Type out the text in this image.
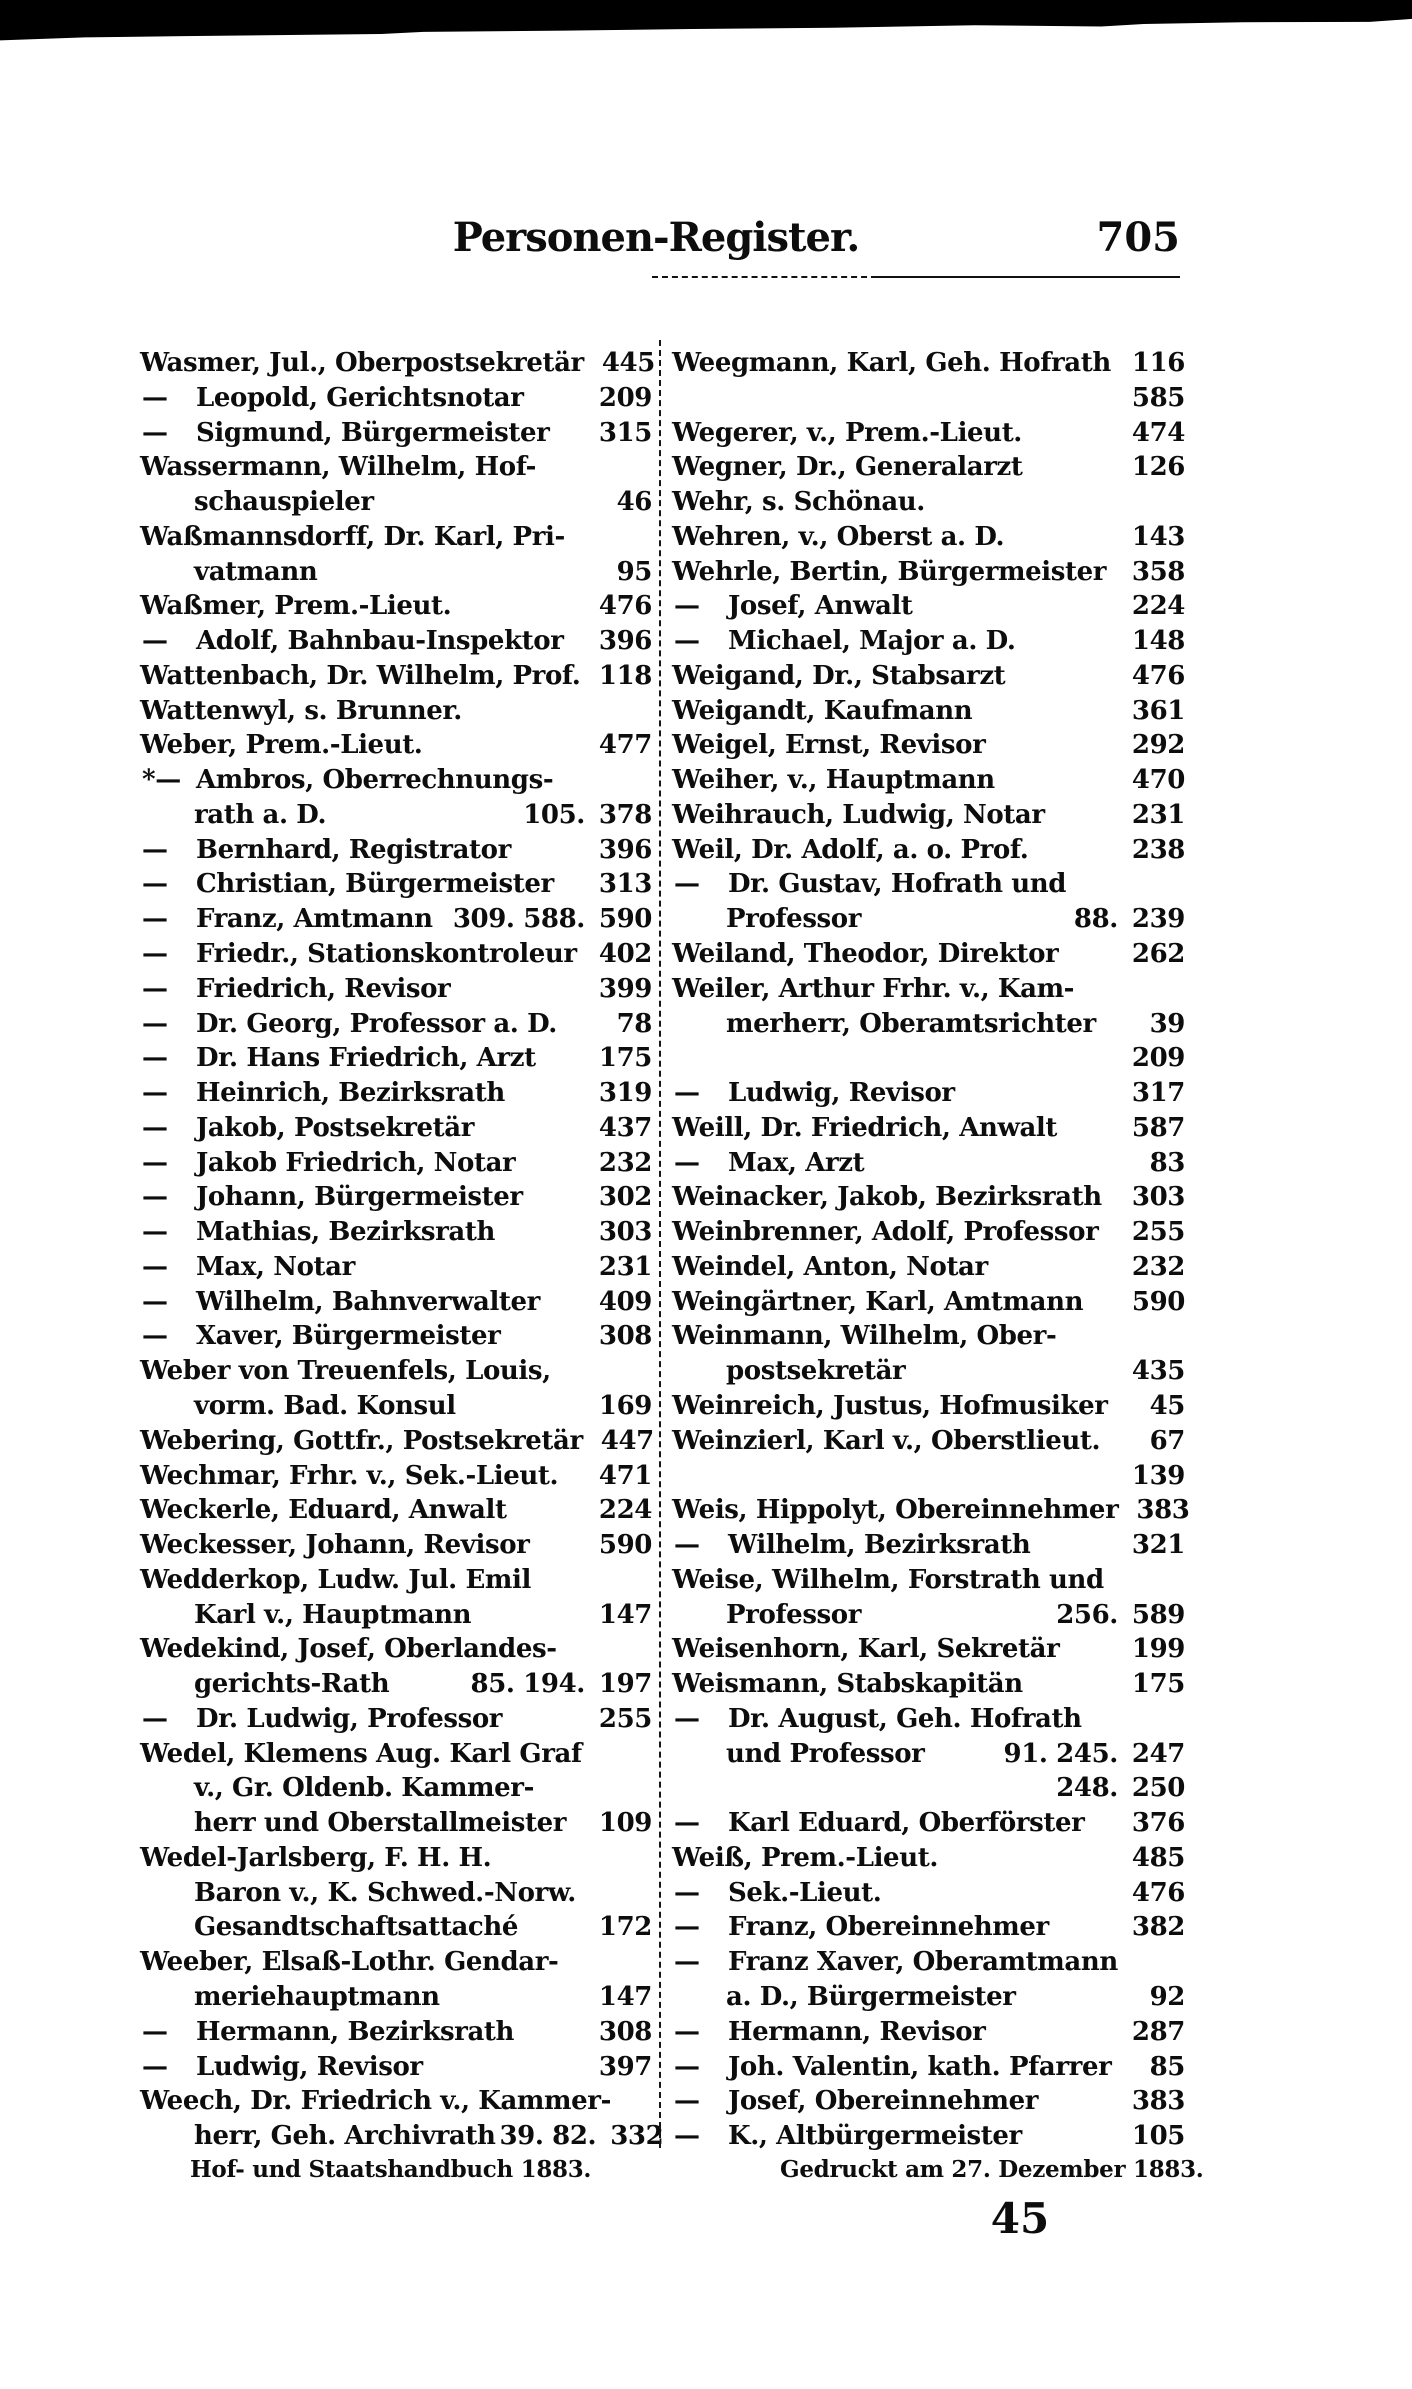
Personen-Register.	705
Wasmer, Jul., Oberpostsekretär 445
—	Leopold, Gerichtsnotar	209
—	Sigmund, Bürgermeister 315
Wassermann, Wilhelm, Hof-
schauspieler	46
Waßmannsdorff, Dr. Karl, Pri-
vatmann	95
Waßmer, Prem.-Lieut.	476
—	Adolf, Bahnbau-Inspektor 396
Wattenbach, Dr. Wilhelm, Prof. 118
Wattenwyl, s. Brunner.
Weber, Prem.-Lieut.	477
*— Ambros, Oberrechnungs-
rath a. D.	105. 378
—	Bernhard, Registrator	396
—	Christian, Bürgermeister 313
—	Franz, Amtmann 309. 588. 590
—	Friedr., Stationskontroleur 402
—	Friedrich, Revisor	399
—	Dr. Georg, Professor a. D. 78
—	Dr. Hans Friedrich, Arzt 175
—	Heinrich, Bezirksrath	319
—	Jakob, Postsekretär	437
—	Jakob Friedrich, Notar	232
—	Johann, Bürgermeister	302
—	Mathias, Bezirksrath	303
—	Max, Notar	231
—	Wilhelm, Bahnverwalter 409
—	Xaver, Bürgermeister	308
Weber von Treuenfels, Louis,
vorm. Bad. Konsul	169
Webering, Gottfr., Postsekretär 447
Wechmar, Frhr. v., Sek.-Lieut. 471
Weckerle, Eduard, Anwalt	224
Weckesser, Johann, Revisor	590
Wedderkop, Ludw. Jul. Emil
Karl v., Hauptmann	147
Wedekind, Josef, Oberlandes-
gerichts-Rath	85. 194. 197
—	Dr. Ludwig, Professor	255
Wedel, Klemens Aug. Karl Graf
v., Gr. Oldenb. Kammer-
herr und Oberstallmeister 109
Wedel-Jarlsberg, F. H. H.
Baron v., K. Schwed.-Norw.
Gesandtschaftsattaché	172
Weeber, Elsaß-Lothr. Gendar-
meriehauptmann	147
—	Hermann, Bezirksrath	308
—	Ludwig, Revisor	397
Weech, Dr. Friedrich v., Kammer-
herr, Geh. Archivrath 39. 82. 332
Weegmann, Karl, Geh. Hofrath 116
585
Wegerer, v., Prem.-Lieut.	474
Wegner, Dr., Generalarzt	126
Wehr, s. Schönau.
Wehren, v., Oberst a. D.	143
Wehrle, Bertin, Bürgermeister 358
—	Josef, Anwalt	224
—	Michael, Major a. D.	148
Weigand, Dr., Stabsarzt	476
Weigandt, Kaufmann	361
Weigel, Ernst, Revisor	292
Weiher, v., Hauptmann	470
Weihrauch, Ludwig, Notar	231
Weil, Dr. Adolf, a. o. Prof.	238
—	Dr. Gustav, Hofrath und
Professor	88. 239
Weiland, Theodor, Direktor	262
Weiler, Arthur Frhr. v., Kam-
merherr, Oberamtsrichter 39
209
—	Ludwig, Revisor	317
Weill, Dr. Friedrich, Anwalt	587
—	Max, Arzt	83
Weinacker, Jakob, Bezirksrath 303
Weinbrenner, Adolf, Professor 255
Weindel, Anton, Notar	232
Weingärtner, Karl, Amtmann 590
Weinmann, Wilhelm, Ober-
postsekretär	435
Weinreich, Justus, Hofmusiker 45
Weinzierl, Karl v., Oberstlieut. 67
139
Weis, Hippolyt, Obereinnehmer 383
—	Wilhelm, Bezirksrath	321
Weise, Wilhelm, Forstrath und
Professor	256. 589
Weisenhorn, Karl, Sekretär	199
Weismann, Stabskapitän	175
—	Dr. August, Geh. Hofrath
und Professor	91. 245. 247
248. 250
—	Karl Eduard, Oberförster 376
Weiß, Prem.-Lieut.	485
—	Sek.-Lieut.	476
—	Franz, Obereinnehmer	382
—	Franz Xaver, Oberamtmann
a. D., Bürgermeister	92
—	Hermann, Revisor	287
—	Joh. Valentin, kath. Pfarrer 85
—	Josef, Obereinnehmer	383
—	K., Altbürgermeister	105
Hof- und Staatshandbuch 1883.	Gedruckt am 27. Dezember 1883.
45
